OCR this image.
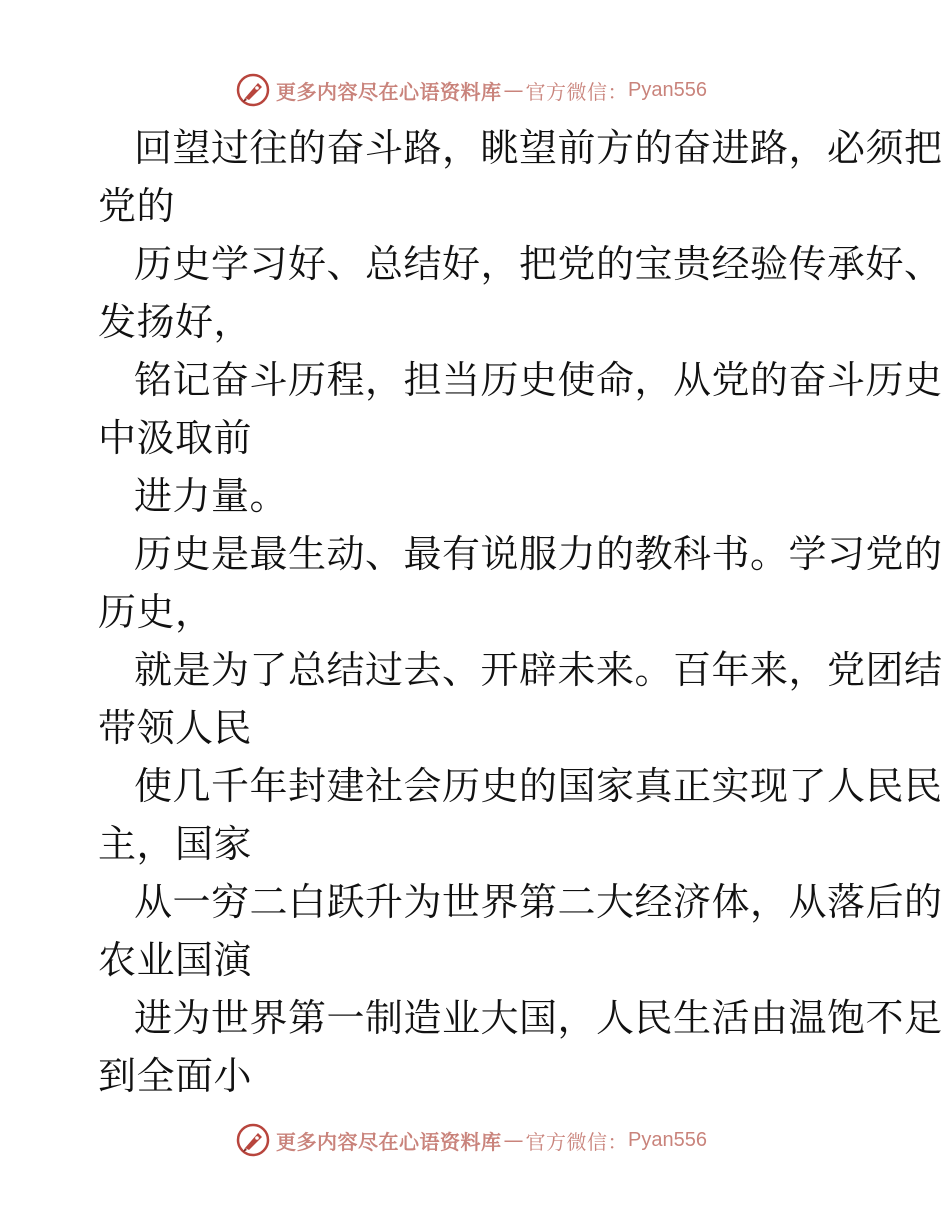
更多内容尽在心语资料库 — 官方微信： Pyan556
回望过往的奋斗路，眺望前方的奋进路，必须把
党的
历史学习好、总结好，把党的宝贵经验传承好、
发扬好，
铭记奋斗历程，担当历史使命，从党的奋斗历史
中汲取前
进力量。
历史是最生动、最有说服力的教科书。学习党的
历史，
就是为了总结过去、开辟未来。百年来，党团结
带领人民
使几千年封建社会历史的国家真正实现了人民民
主，国家
从一穷二白跃升为世界第二大经济体，从落后的
农业国演
进为世界第一制造业大国，人民生活由温饱不足
到全面小
更多内容尽在心语资料库 — 官方微信： Pyan556
